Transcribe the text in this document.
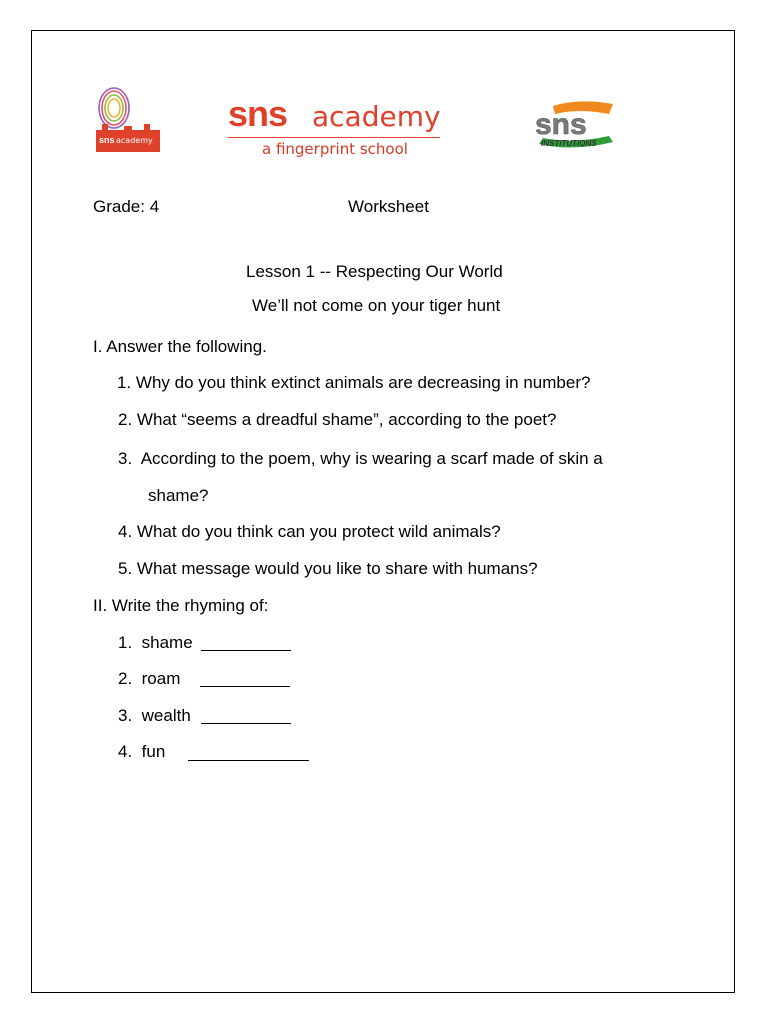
sns academy
sns academy
a fingerprint school
sns
INSTITUTIONS
Grade: 4	Worksheet
Lesson 1 -- Respecting Our World
We’ll not come on your tiger hunt
I. Answer the following.
1. Why do you think extinct animals are decreasing in number?
2. What “seems a dreadful shame”, according to the poet?
3. According to the poem, why is wearing a scarf made of skin a
shame?
4. What do you think can you protect wild animals?
5. What message would you like to share with humans?
II. Write the rhyming of:
1. shame
2. roam
3. wealth
4. fun
